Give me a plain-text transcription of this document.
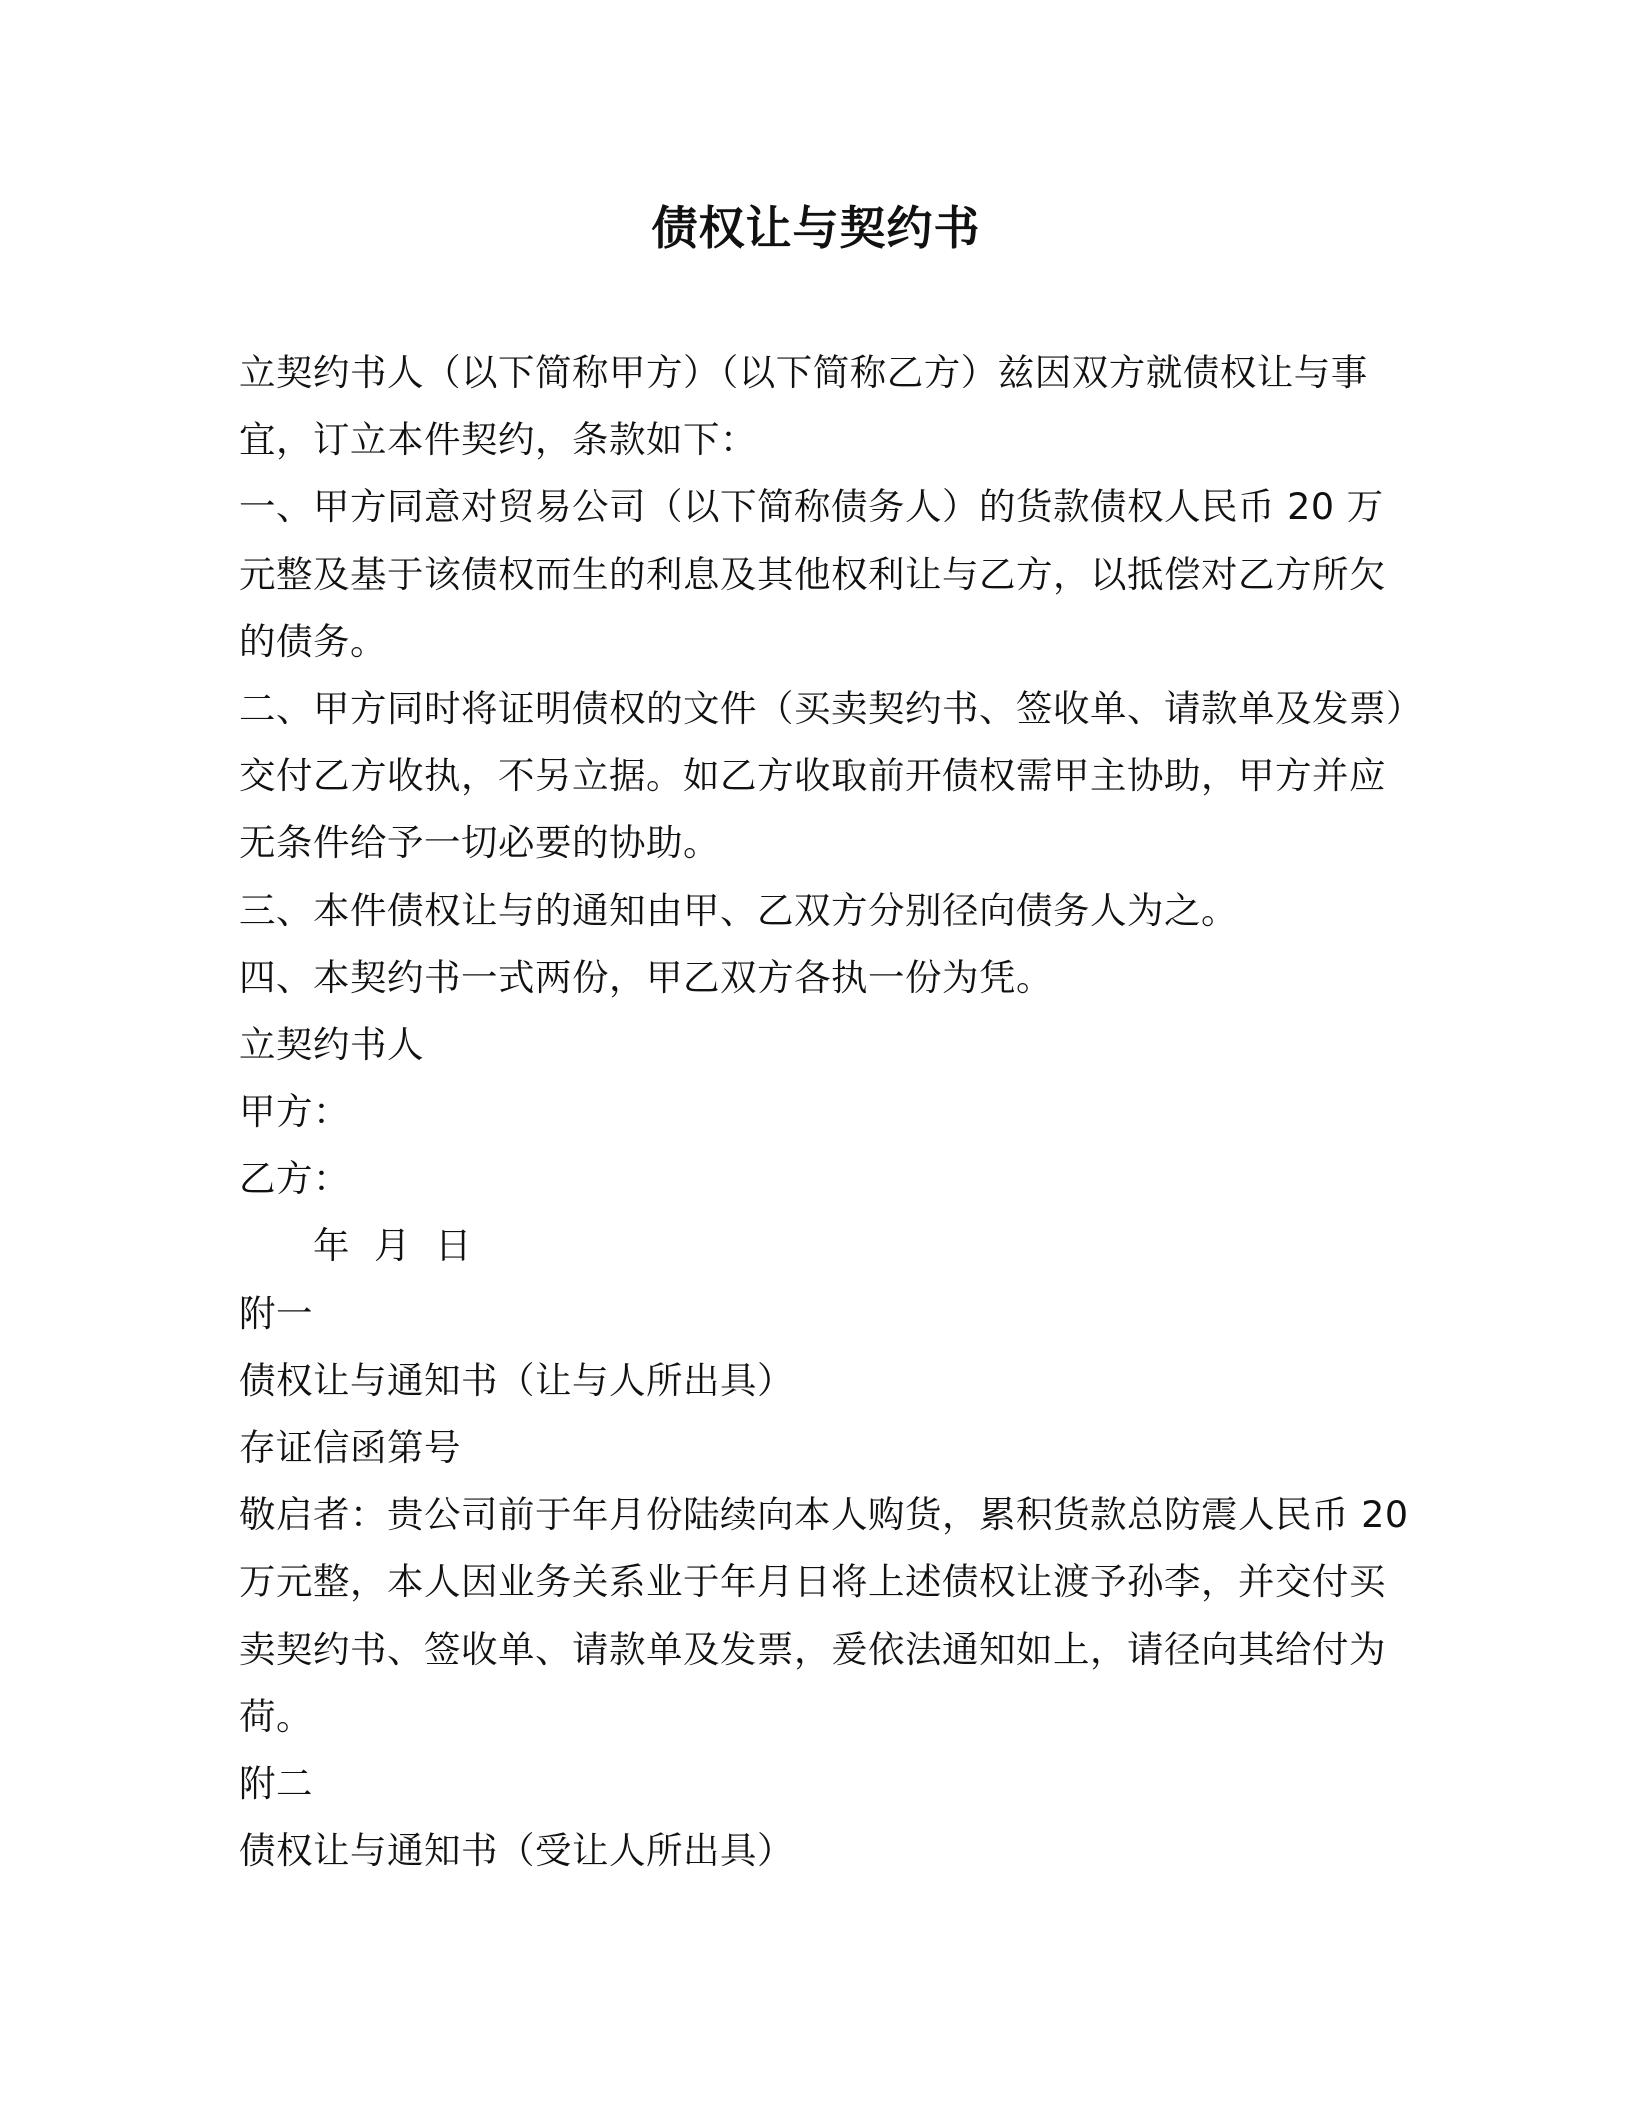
债权让与契约书
立契约书人（以下简称甲方）（以下简称乙方）兹因双方就债权让与事
宜，订立本件契约，条款如下：
一、甲方同意对贸易公司（以下简称债务人）的货款债权人民币 20 万
元整及基于该债权而生的利息及其他权利让与乙方，以抵偿对乙方所欠
的债务。
二、甲方同时将证明债权的文件（买卖契约书、签收单、请款单及发票）
交付乙方收执，不另立据。如乙方收取前开债权需甲主协助，甲方并应
无条件给予一切必要的协助。
三、本件债权让与的通知由甲、乙双方分别径向债务人为之。
四、本契约书一式两份，甲乙双方各执一份为凭。
立契约书人
甲方：
乙方：
年 月 日
附一
债权让与通知书（让与人所出具）
存证信函第号
敬启者：贵公司前于年月份陆续向本人购货，累积货款总防震人民币 20
万元整，本人因业务关系业于年月日将上述债权让渡予孙李，并交付买
卖契约书、签收单、请款单及发票，爰依法通知如上，请径向其给付为
荷。
附二
债权让与通知书（受让人所出具）
